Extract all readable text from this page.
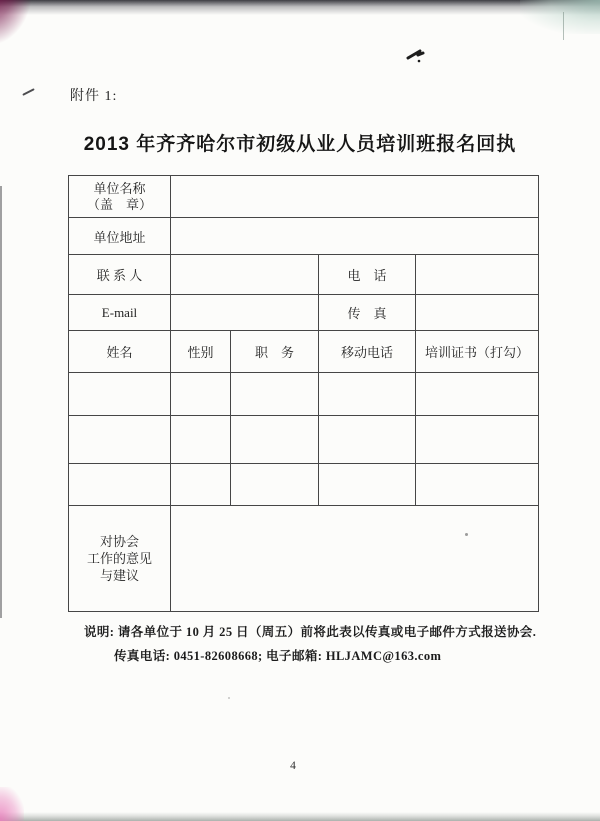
附件 1:
2013 年齐齐哈尔市初级从业人员培训班报名回执
单位名称
（盖　章）				

单位地址				
联 系 人			电　话	
E-mail			传　真	
姓名	性别	职　务	移动电话	培训证书（打勾）

对协会
工作的意见
与建议				

说明: 请各单位于 10 月 25 日（周五）前将此表以传真或电子邮件方式报送协会.
传真电话: 0451-82608668; 电子邮箱: HLJAMC@163.com
4
